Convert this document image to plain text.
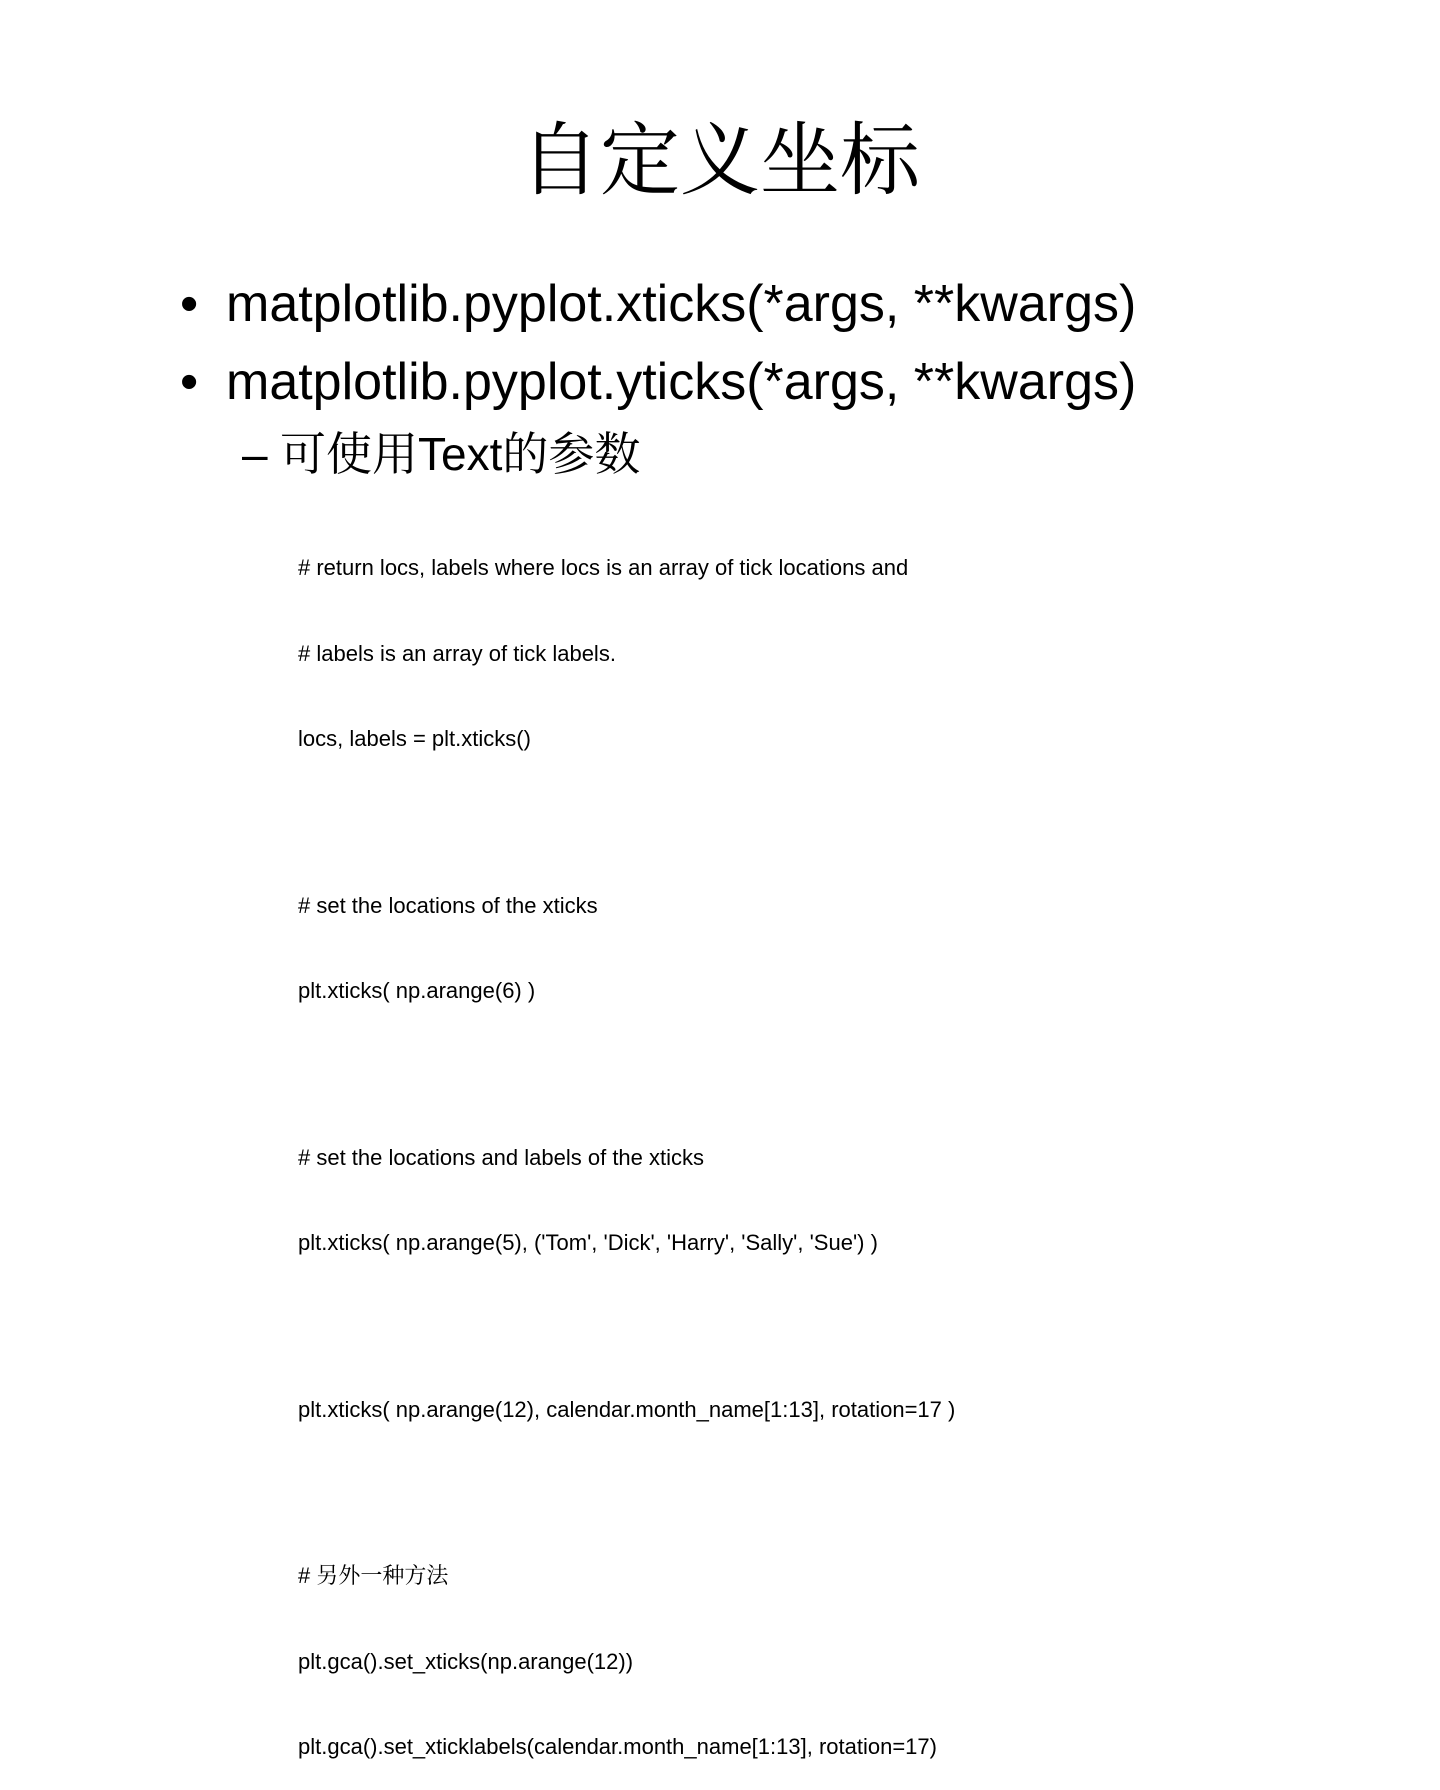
自定义坐标
• matplotlib.pyplot.xticks(*args, **kwargs)
• matplotlib.pyplot.yticks(*args, **kwargs)
– 可使用Text的参数

# return locs, labels where locs is an array of tick locations and

# labels is an array of tick labels.

locs, labels = plt.xticks()

# set the locations of the xticks

plt.xticks( np.arange(6) )

# set the locations and labels of the xticks

plt.xticks( np.arange(5), ('Tom', 'Dick', 'Harry', 'Sally', 'Sue') )

plt.xticks( np.arange(12), calendar.month_name[1:13], rotation=17 )

# 另外一种方法

plt.gca().set_xticks(np.arange(12))

plt.gca().set_xticklabels(calendar.month_name[1:13], rotation=17)
